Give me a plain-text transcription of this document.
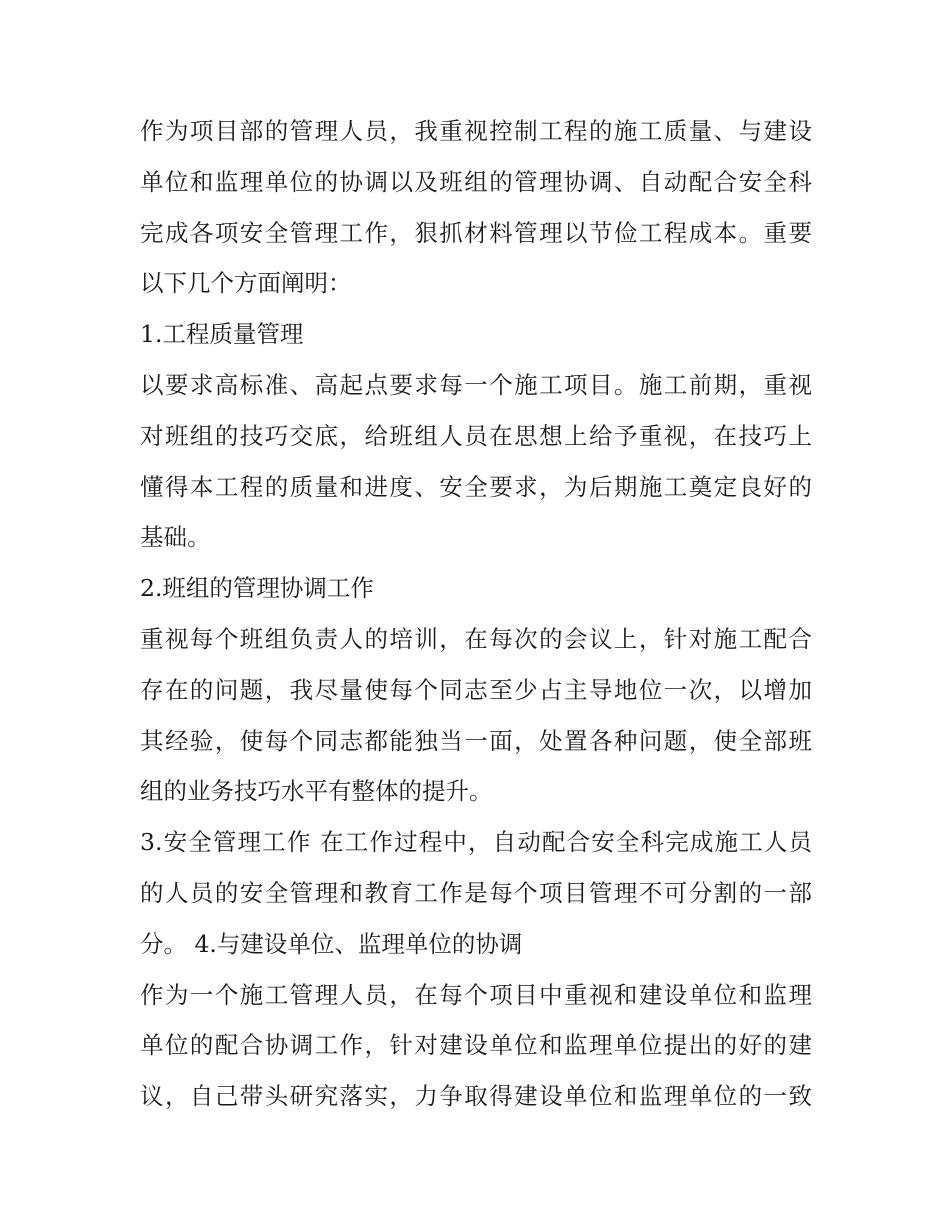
作为项目部的管理人员，我重视控制工程的施工质量、与建设
单位和监理单位的协调以及班组的管理协调、自动配合安全科
完成各项安全管理工作，狠抓材料管理以节俭工程成本。重要
以下几个方面阐明：
1.工程质量管理
以要求高标准、高起点要求每一个施工项目。施工前期，重视
对班组的技巧交底，给班组人员在思想上给予重视，在技巧上
懂得本工程的质量和进度、安全要求，为后期施工奠定良好的
基础。
2.班组的管理协调工作
重视每个班组负责人的培训，在每次的会议上，针对施工配合
存在的问题，我尽量使每个同志至少占主导地位一次，以增加
其经验，使每个同志都能独当一面，处置各种问题，使全部班
组的业务技巧水平有整体的提升。
3.安全管理工作 在工作过程中，自动配合安全科完成施工人员
的人员的安全管理和教育工作是每个项目管理不可分割的一部
分。 4.与建设单位、监理单位的协调
作为一个施工管理人员，在每个项目中重视和建设单位和监理
单位的配合协调工作，针对建设单位和监理单位提出的好的建
议，自己带头研究落实，力争取得建设单位和监理单位的一致
